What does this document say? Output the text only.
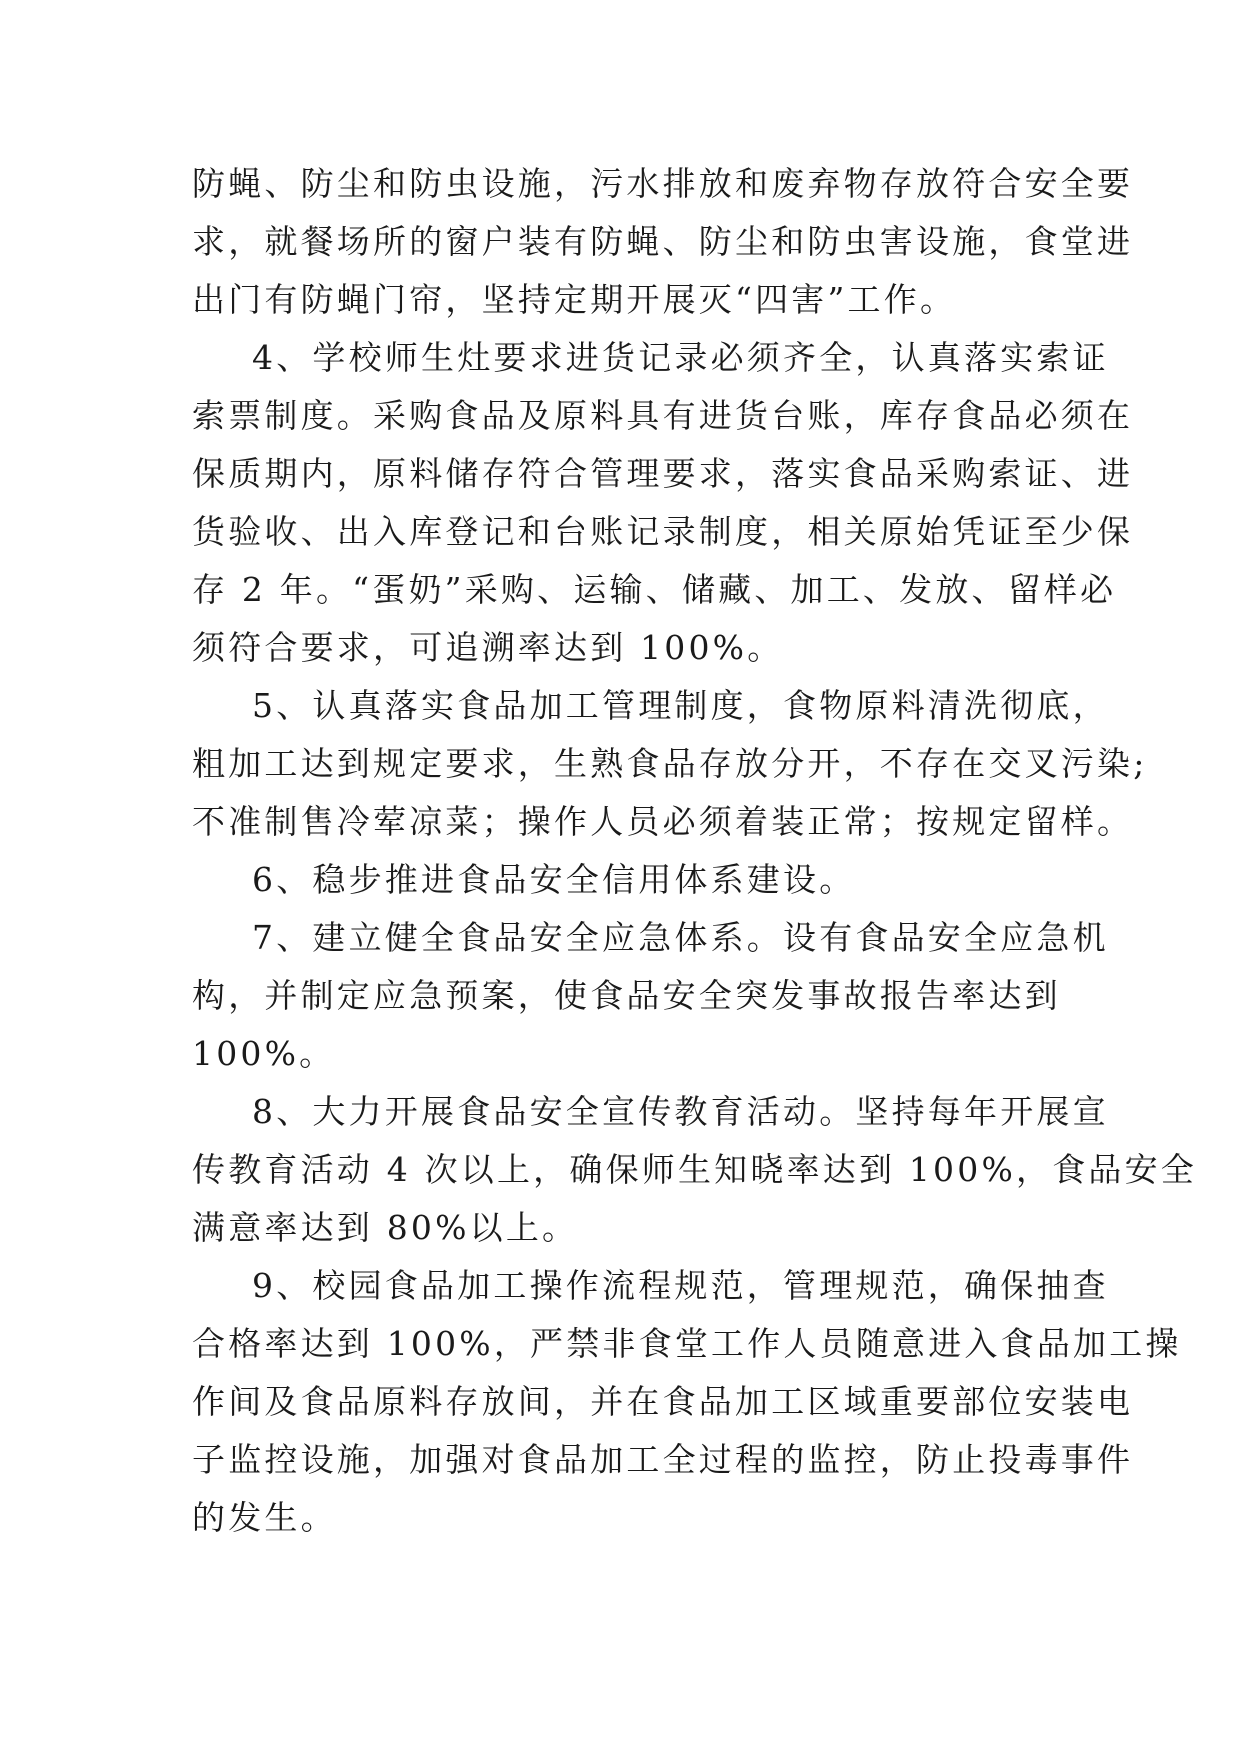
防蝇、防尘和防虫设施，污水排放和废弃物存放符合安全要
求，就餐场所的窗户装有防蝇、防尘和防虫害设施，食堂进
出门有防蝇门帘，坚持定期开展灭“四害”工作。
4、学校师生灶要求进货记录必须齐全，认真落实索证
索票制度。采购食品及原料具有进货台账，库存食品必须在
保质期内，原料储存符合管理要求，落实食品采购索证、进
货验收、出入库登记和台账记录制度，相关原始凭证至少保
存 2 年。“蛋奶”采购、运输、储藏、加工、发放、留样必
须符合要求，可追溯率达到 100%。
5、认真落实食品加工管理制度，食物原料清洗彻底，
粗加工达到规定要求，生熟食品存放分开，不存在交叉污染;
不准制售冷荤凉菜；操作人员必须着装正常；按规定留样。
6、稳步推进食品安全信用体系建设。
7、建立健全食品安全应急体系。设有食品安全应急机
构，并制定应急预案，使食品安全突发事故报告率达到
100%。
8、大力开展食品安全宣传教育活动。坚持每年开展宣
传教育活动 4 次以上，确保师生知晓率达到 100%，食品安全
满意率达到 80%以上。
9、校园食品加工操作流程规范，管理规范，确保抽查
合格率达到 100%，严禁非食堂工作人员随意进入食品加工操
作间及食品原料存放间，并在食品加工区域重要部位安装电
子监控设施，加强对食品加工全过程的监控，防止投毒事件
的发生。
